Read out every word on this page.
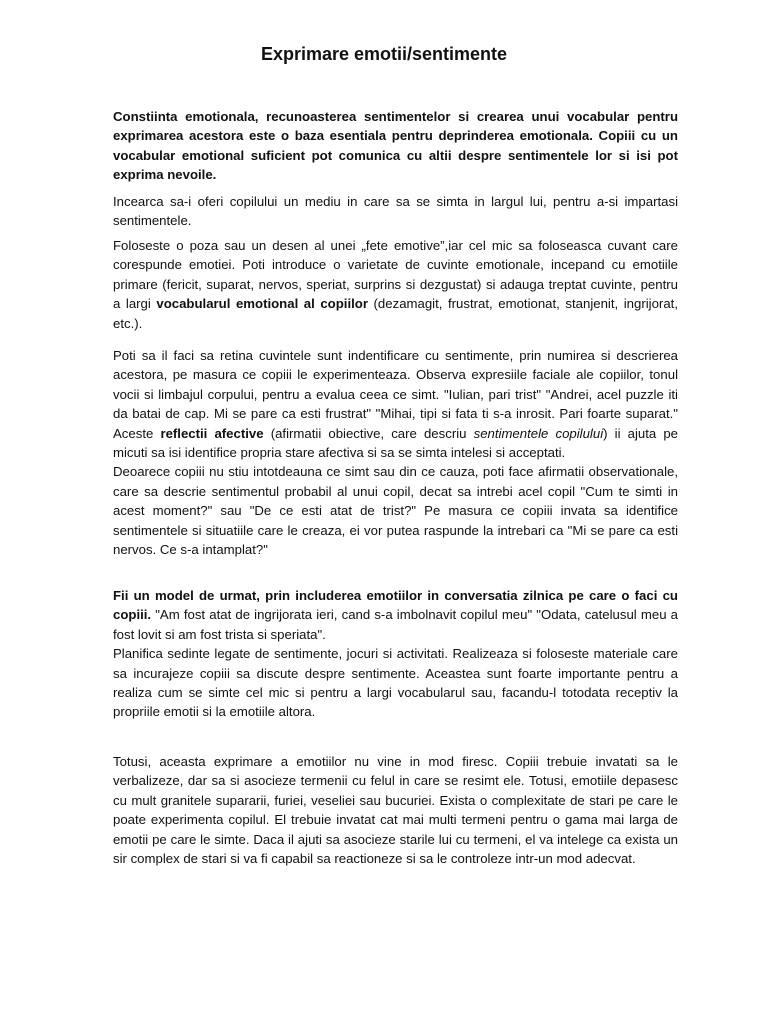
Exprimare emotii/sentimente

Constiinta emotionala, recunoasterea sentimentelor si crearea unui vocabular pentru exprimarea acestora este o baza esentiala pentru deprinderea emotionala. Copiii cu un vocabular emotional suficient pot comunica cu altii despre sentimentele lor si isi pot exprima nevoile.

Incearca sa-i oferi copilului un mediu in care sa se simta in largul lui, pentru a-si impartasi sentimentele.

Foloseste o poza sau un desen al unei „fete emotive”,iar cel mic sa foloseasca cuvant care corespunde emotiei. Poti introduce o varietate de cuvinte emotionale, incepand cu emotiile primare (fericit, suparat, nervos, speriat, surprins si dezgustat) si adauga treptat cuvinte, pentru a largi vocabularul emotional al copiilor (dezamagit, frustrat, emotionat, stanjenit, ingrijorat, etc.).

Poti sa il faci sa retina cuvintele sunt indentificare cu sentimente, prin numirea si descrierea acestora, pe masura ce copiii le experimenteaza. Observa expresiile faciale ale copiilor, tonul vocii si limbajul corpului, pentru a evalua ceea ce simt. "Iulian, pari trist" "Andrei, acel puzzle iti da batai de cap. Mi se pare ca esti frustrat" "Mihai, tipi si fata ti s-a inrosit. Pari foarte suparat." Aceste reflectii afective (afirmatii obiective, care descriu sentimentele copilului) ii ajuta pe micuti sa isi identifice propria stare afectiva si sa se simta intelesi si acceptati.

Deoarece copiii nu stiu intotdeauna ce simt sau din ce cauza, poti face afirmatii observationale, care sa descrie sentimentul probabil al unui copil, decat sa intrebi acel copil "Cum te simti in acest moment?" sau "De ce esti atat de trist?" Pe masura ce copiii invata sa identifice sentimentele si situatiile care le creaza, ei vor putea raspunde la intrebari ca "Mi se pare ca esti nervos. Ce s-a intamplat?"

Fii un model de urmat, prin includerea emotiilor in conversatia zilnica pe care o faci cu copiii. "Am fost atat de ingrijorata ieri, cand s-a imbolnavit copilul meu" "Odata, catelusul meu a fost lovit si am fost trista si speriata".

Planifica sedinte legate de sentimente, jocuri si activitati. Realizeaza si foloseste materiale care sa incurajeze copiii sa discute despre sentimente. Aceastea sunt foarte importante pentru a realiza cum se simte cel mic si pentru a largi vocabularul sau, facandu-l totodata receptiv la propriile emotii si la emotiile altora.

Totusi, aceasta exprimare a emotiilor nu vine in mod firesc. Copiii trebuie invatati sa le verbalizeze, dar sa si asocieze termenii cu felul in care se resimt ele. Totusi, emotiile depasesc cu mult granitele supararii, furiei, veseliei sau bucuriei. Exista o complexitate de stari pe care le poate experimenta copilul. El trebuie invatat cat mai multi termeni pentru o gama mai larga de emotii pe care le simte. Daca il ajuti sa asocieze starile lui cu termeni, el va intelege ca exista un sir complex de stari si va fi capabil sa reactioneze si sa le controleze intr-un mod adecvat.
